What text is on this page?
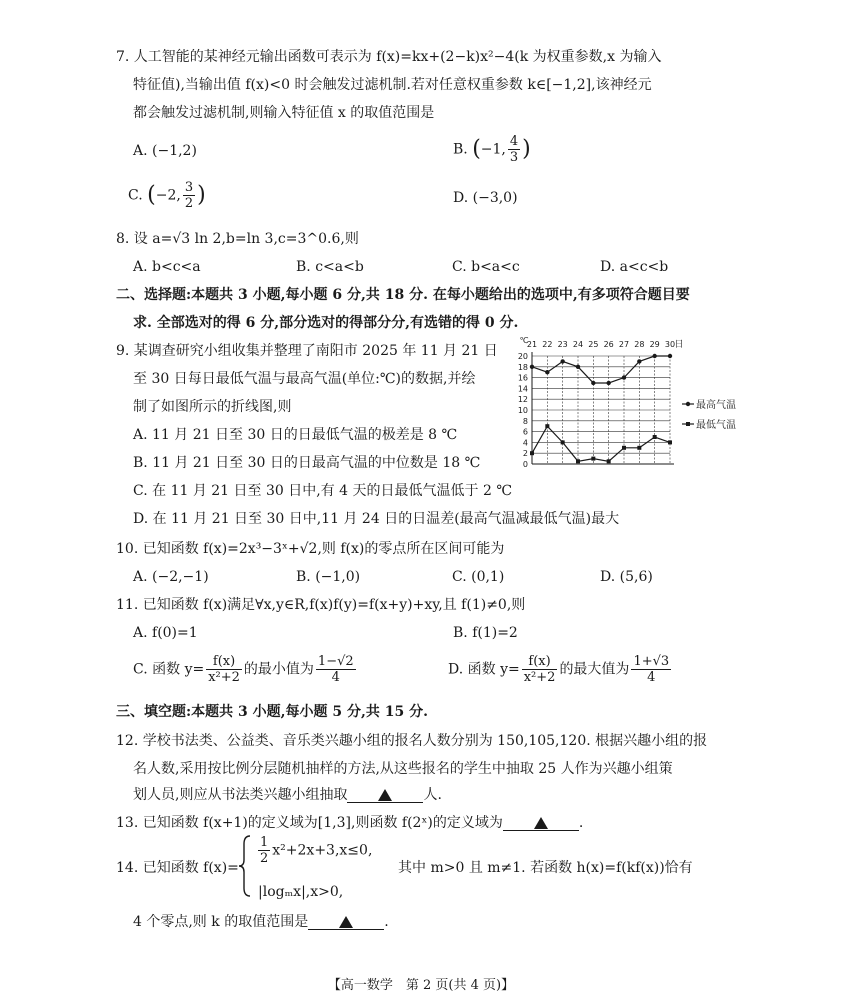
7. 人工智能的某神经元输出函数可表示为 f(x)=kx+(2−k)x²−4(k 为权重参数,x 为输入
特征值),当输出值 f(x)<0 时会触发过滤机制.若对任意权重参数 k∈[−1,2],该神经元
都会触发过滤机制,则输入特征值 x 的取值范围是
A. (−1,2)	B. (−1, $\frac{4}{3}$ )
C. (−2, $\frac{3}{2}$ )	D. (−3,0)
8. 设 a=√3 ln 2,b=ln 3,c=3^0.6,则
A. b<c<a	B. c<a<b	C. b<a<c	D. a<c<b
二、选择题:本题共 3 小题,每小题 6 分,共 18 分. 在每小题给出的选项中,有多项符合题目要
求. 全部选对的得 6 分,部分选对的得部分分,有选错的得 0 分.
9. 某调查研究小组收集并整理了南阳市 2025 年 11 月 21 日
至 30 日每日最低气温与最高气温(单位:℃)的数据,并绘
制了如图所示的折线图,则
A. 11 月 21 日至 30 日的日最低气温的极差是 8 ℃
B. 11 月 21 日至 30 日的日最高气温的中位数是 18 ℃
C. 在 11 月 21 日至 30 日中,有 4 天的日最低气温低于 2 ℃
D. 在 11 月 21 日至 30 日中,11 月 24 日的日温差(最高气温减最低气温)最大
0
2
4
6
8
10
12
14
16
18
20
21 22 23 24 25 26 27 28 29 30
℃	日
最高气温
最低气温
10. 已知函数 f(x)=2x³−3ˣ+√2,则 f(x)的零点所在区间可能为
A. (−2,−1)	B. (−1,0)	C. (0,1)	D. (5,6)
11. 已知函数 f(x)满足∀x,y∈R,f(x)f(y)=f(x+y)+xy,且 f(1)≠0,则
A. f(0)=1	B. f(1)=2
C. 函数 $y= \frac{f(x)}{\text{x²+2}}$ 的最小值为 $\frac{1-√2}{4}$	D. 函数 $y= \frac{f(x)}{\text{x²+2}}$ 的最大值为 $\frac{1+√3}{4}$
三、填空题:本题共 3 小题,每小题 5 分,共 15 分.
12. 学校书法类、公益类、音乐类兴趣小组的报名人数分别为 150,105,120. 根据兴趣小组的报
名人数,采用按比例分层随机抽样的方法,从这些报名的学生中抽取 25 人作为兴趣小组策
划人员,则应从书法类兴趣小组抽取	人.
13. 已知函数 f(x+1)的定义域为[1,3],则函数 f(2ˣ)的定义域为	.
14. 已知函数 f(x)=
$\frac{1}{2} x^2+2x+3,x\le 0$,
|logₘx|,x>0,
其中 m>0 且 m≠1. 若函数 h(x)=f(kf(x))恰有
4 个零点,则 k 的取值范围是	.
【高一数学　第 2 页(共 4 页)】
